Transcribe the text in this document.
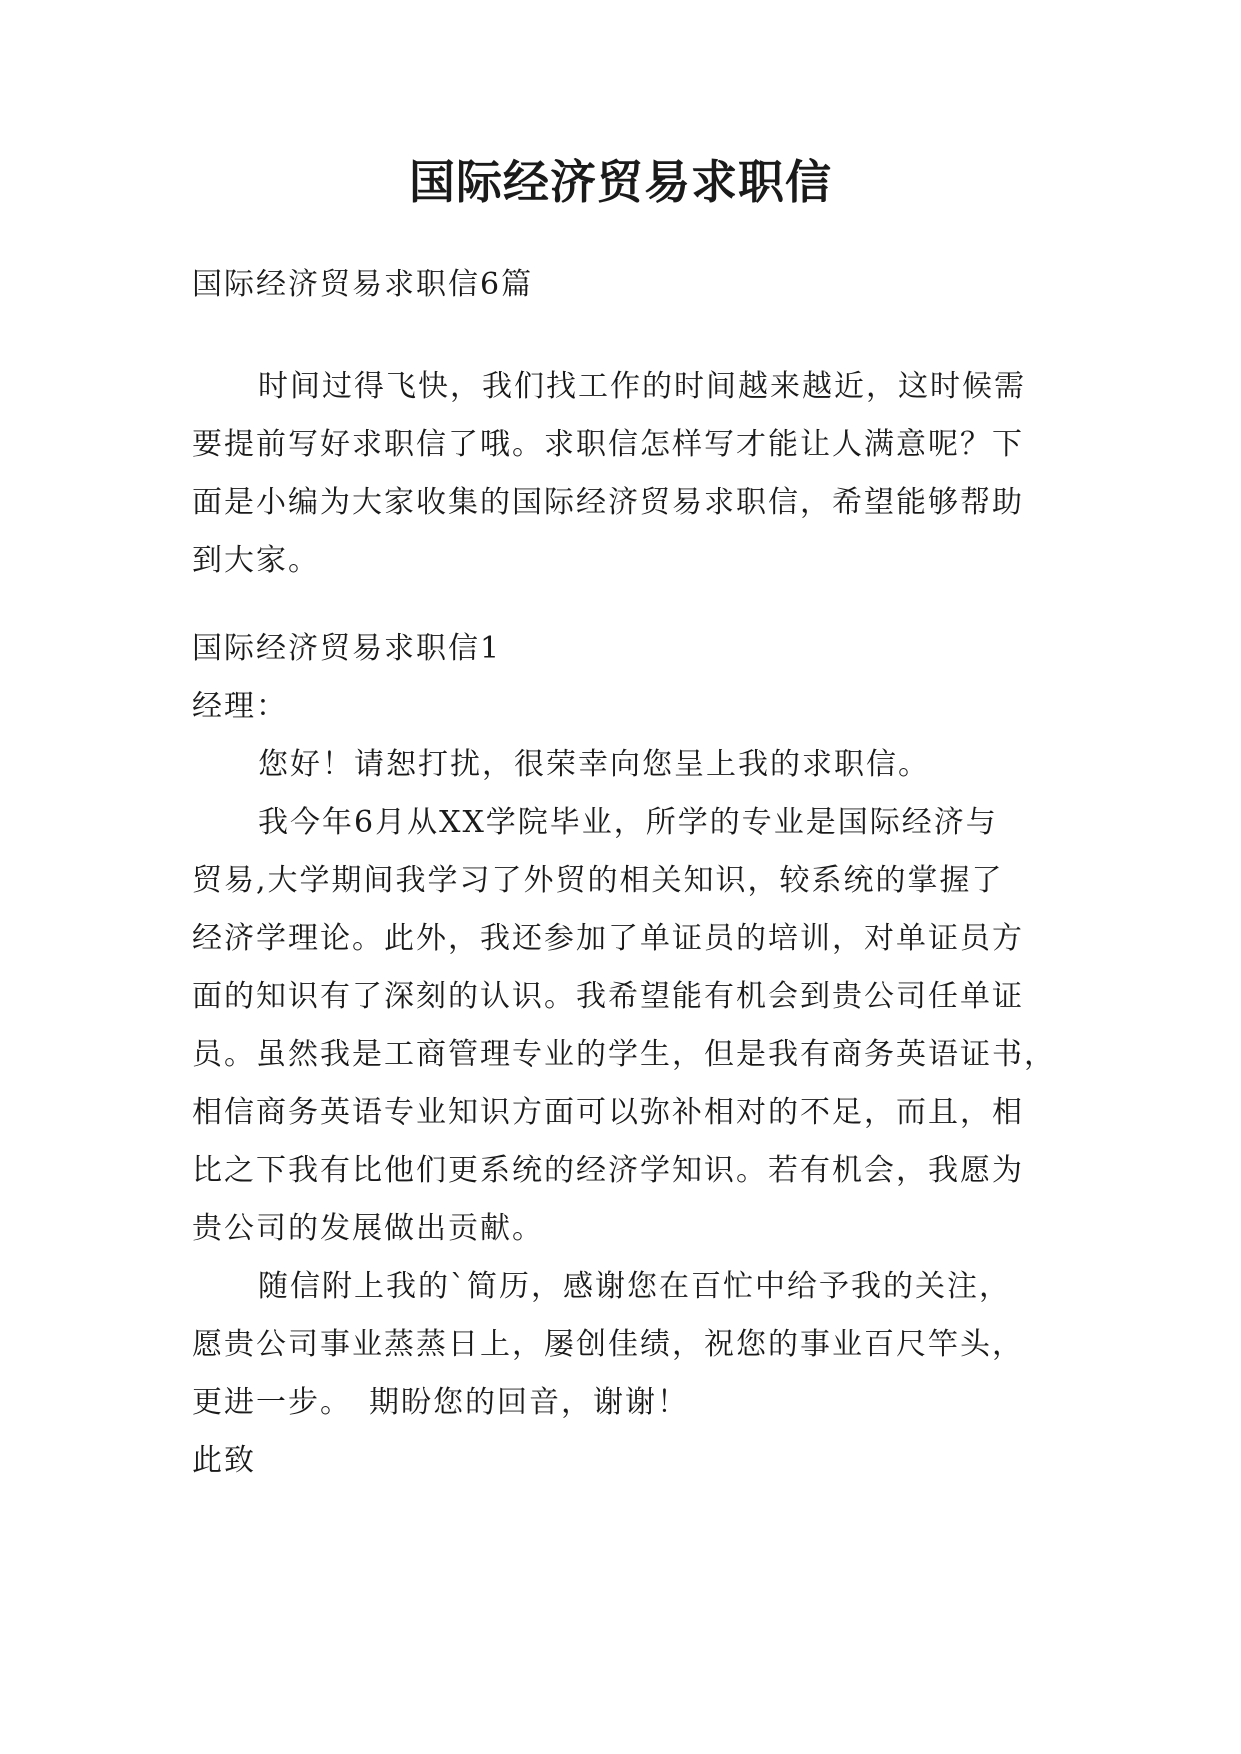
国际经济贸易求职信
国际经济贸易求职信6篇
时间过得飞快，我们找工作的时间越来越近，这时候需
要提前写好求职信了哦。求职信怎样写才能让人满意呢？下
面是小编为大家收集的国际经济贸易求职信，希望能够帮助
到大家。
国际经济贸易求职信1
经理：
您好！请恕打扰，很荣幸向您呈上我的求职信。
我今年6月从XX学院毕业，所学的专业是国际经济与
贸易,大学期间我学习了外贸的相关知识，较系统的掌握了
经济学理论。此外，我还参加了单证员的培训，对单证员方
面的知识有了深刻的认识。我希望能有机会到贵公司任单证
员。虽然我是工商管理专业的学生，但是我有商务英语证书，
相信商务英语专业知识方面可以弥补相对的不足，而且，相
比之下我有比他们更系统的经济学知识。若有机会，我愿为
贵公司的发展做出贡献。
随信附上我的`简历，感谢您在百忙中给予我的关注，
愿贵公司事业蒸蒸日上，屡创佳绩，祝您的事业百尺竿头，
更进一步。　期盼您的回音，谢谢！
此致
